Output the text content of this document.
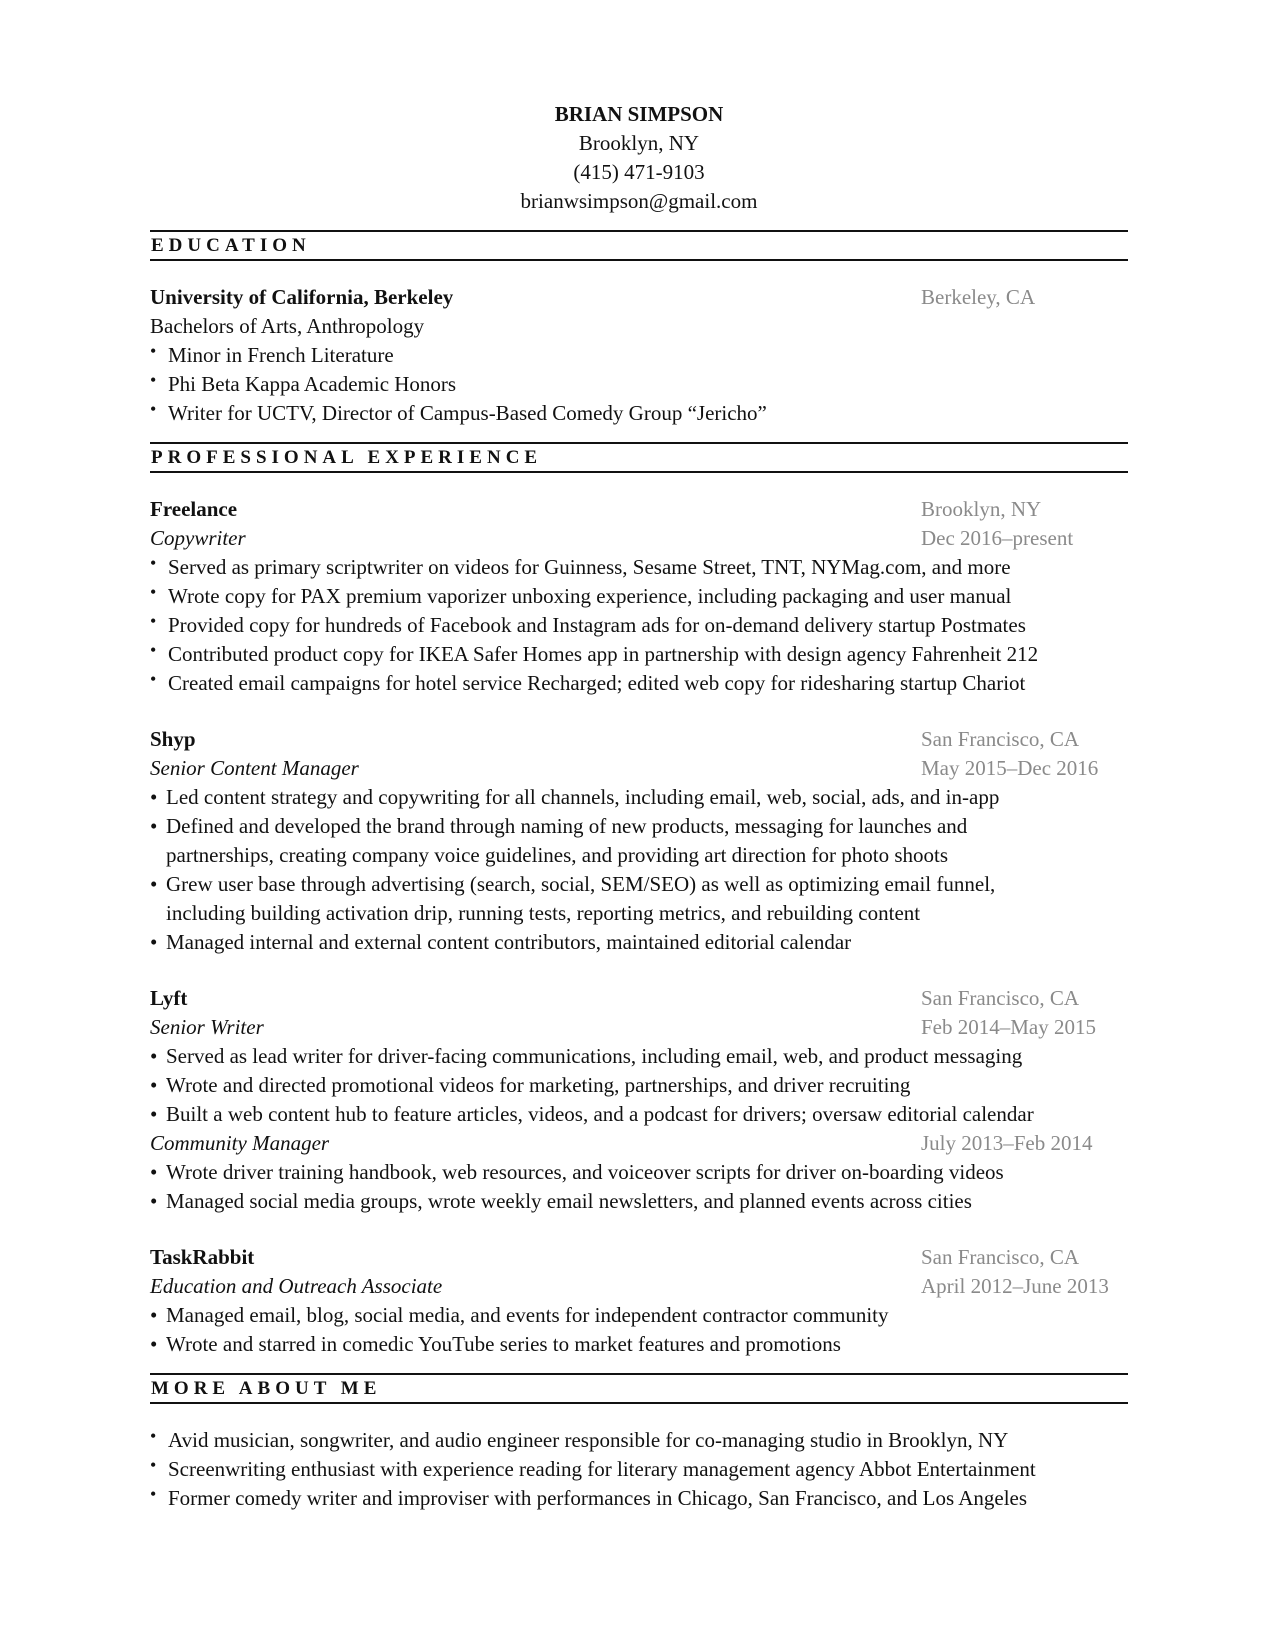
BRIAN SIMPSON
Brooklyn, NY
(415) 471-9103
brianwsimpson@gmail.com
EDUCATION
University of California, Berkeley	Berkeley, CA
Bachelors of Arts, Anthropology
• Minor in French Literature
• Phi Beta Kappa Academic Honors
• Writer for UCTV, Director of Campus-Based Comedy Group “Jericho”
PROFESSIONAL EXPERIENCE
Freelance	Brooklyn, NY
Copywriter	Dec 2016–present
• Served as primary scriptwriter on videos for Guinness, Sesame Street, TNT, NYMag.com, and more
• Wrote copy for PAX premium vaporizer unboxing experience, including packaging and user manual
• Provided copy for hundreds of Facebook and Instagram ads for on-demand delivery startup Postmates
• Contributed product copy for IKEA Safer Homes app in partnership with design agency Fahrenheit 212
• Created email campaigns for hotel service Recharged; edited web copy for ridesharing startup Chariot
Shyp	San Francisco, CA
Senior Content Manager	May 2015–Dec 2016
• Led content strategy and copywriting for all channels, including email, web, social, ads, and in-app
• Defined and developed the brand through naming of new products, messaging for launches and
partnerships, creating company voice guidelines, and providing art direction for photo shoots
• Grew user base through advertising (search, social, SEM/SEO) as well as optimizing email funnel,
including building activation drip, running tests, reporting metrics, and rebuilding content
• Managed internal and external content contributors, maintained editorial calendar
Lyft	San Francisco, CA
Senior Writer	Feb 2014–May 2015
• Served as lead writer for driver-facing communications, including email, web, and product messaging
• Wrote and directed promotional videos for marketing, partnerships, and driver recruiting
• Built a web content hub to feature articles, videos, and a podcast for drivers; oversaw editorial calendar
Community Manager	July 2013–Feb 2014
• Wrote driver training handbook, web resources, and voiceover scripts for driver on-boarding videos
• Managed social media groups, wrote weekly email newsletters, and planned events across cities
TaskRabbit	San Francisco, CA
Education and Outreach Associate	April 2012–June 2013
• Managed email, blog, social media, and events for independent contractor community
• Wrote and starred in comedic YouTube series to market features and promotions
MORE ABOUT ME
• Avid musician, songwriter, and audio engineer responsible for co-managing studio in Brooklyn, NY
• Screenwriting enthusiast with experience reading for literary management agency Abbot Entertainment
• Former comedy writer and improviser with performances in Chicago, San Francisco, and Los Angeles
